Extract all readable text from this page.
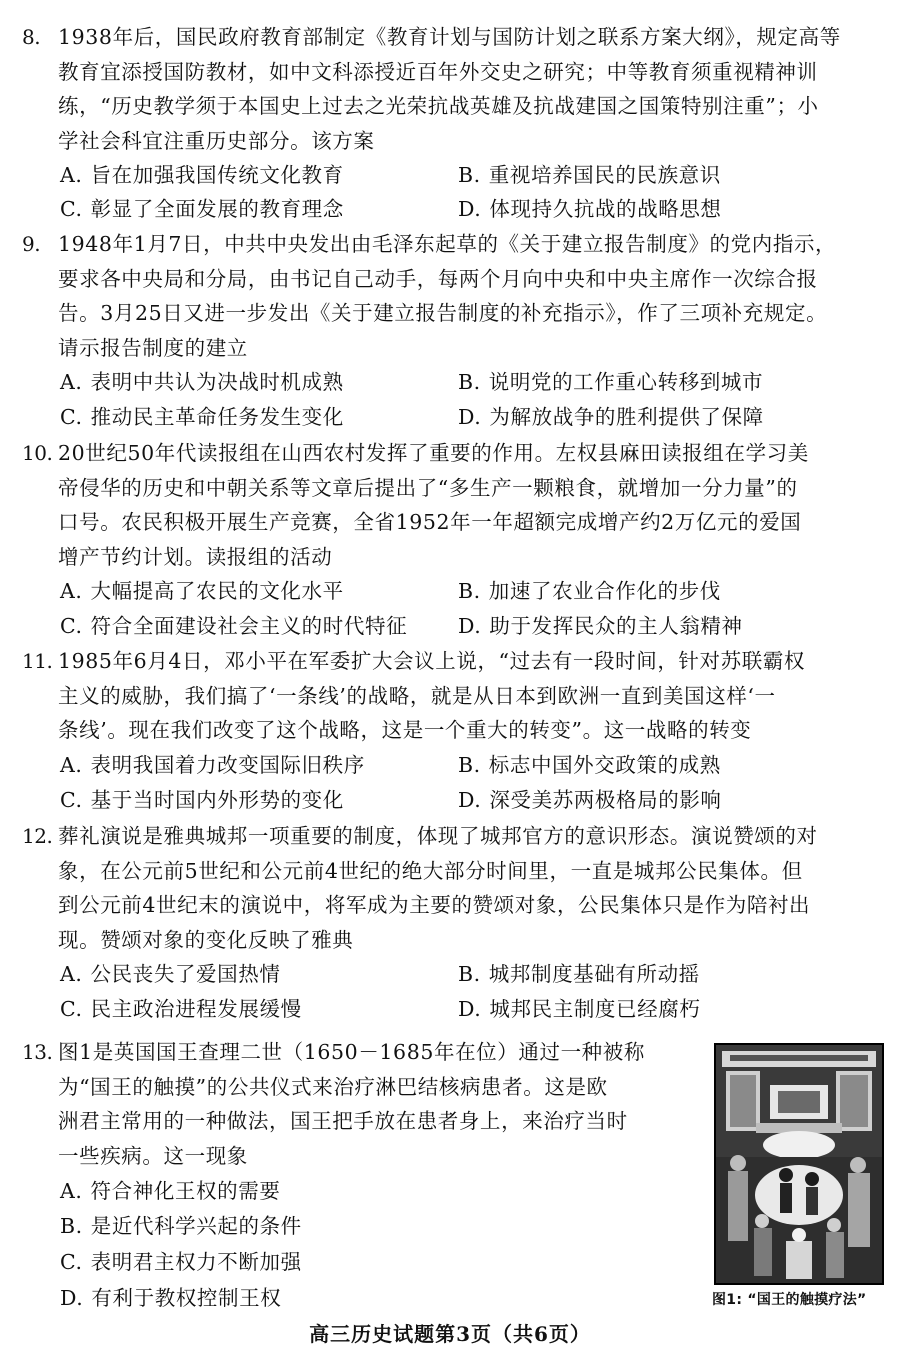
8. 1938年后，国民政府教育部制定《教育计划与国防计划之联系方案大纲》，规定高等
教育宜添授国防教材，如中文科添授近百年外交史之研究；中等教育须重视精神训
练，“历史教学须于本国史上过去之光荣抗战英雄及抗战建国之国策特别注重”；小
学社会科宜注重历史部分。该方案
A. 旨在加强我国传统文化教育	B. 重视培养国民的民族意识
C. 彰显了全面发展的教育理念	D. 体现持久抗战的战略思想
9. 1948年1月7日，中共中央发出由毛泽东起草的《关于建立报告制度》的党内指示，
要求各中央局和分局，由书记自己动手，每两个月向中央和中央主席作一次综合报
告。3月25日又进一步发出《关于建立报告制度的补充指示》，作了三项补充规定。
请示报告制度的建立
A. 表明中共认为决战时机成熟	B. 说明党的工作重心转移到城市
C. 推动民主革命任务发生变化	D. 为解放战争的胜利提供了保障
10. 20世纪50年代读报组在山西农村发挥了重要的作用。左权县麻田读报组在学习美
帝侵华的历史和中朝关系等文章后提出了“多生产一颗粮食，就增加一分力量”的
口号。农民积极开展生产竞赛，全省1952年一年超额完成增产约2万亿元的爱国
增产节约计划。读报组的活动
A. 大幅提高了农民的文化水平	B. 加速了农业合作化的步伐
C. 符合全面建设社会主义的时代特征 D. 助于发挥民众的主人翁精神
11. 1985年6月4日，邓小平在军委扩大会议上说，“过去有一段时间，针对苏联霸权
主义的威胁，我们搞了‘一条线’的战略，就是从日本到欧洲一直到美国这样‘一
条线’。现在我们改变了这个战略，这是一个重大的转变”。这一战略的转变
A. 表明我国着力改变国际旧秩序	B. 标志中国外交政策的成熟
C. 基于当时国内外形势的变化	D. 深受美苏两极格局的影响
12. 葬礼演说是雅典城邦一项重要的制度，体现了城邦官方的意识形态。演说赞颂的对
象，在公元前5世纪和公元前4世纪的绝大部分时间里，一直是城邦公民集体。但
到公元前4世纪末的演说中，将军成为主要的赞颂对象，公民集体只是作为陪衬出
现。赞颂对象的变化反映了雅典
A. 公民丧失了爱国热情	B. 城邦制度基础有所动摇
C. 民主政治进程发展缓慢	D. 城邦民主制度已经腐朽
13. 图1是英国国王查理二世（1650－1685年在位）通过一种被称
为“国王的触摸”的公共仪式来治疗淋巴结核病患者。这是欧
洲君主常用的一种做法，国王把手放在患者身上，来治疗当时
一些疾病。这一现象
A. 符合神化王权的需要
B. 是近代科学兴起的条件
C. 表明君主权力不断加强
D. 有利于教权控制王权	图1: “国王的触摸疗法”
高三历史试题第3页（共6页）
